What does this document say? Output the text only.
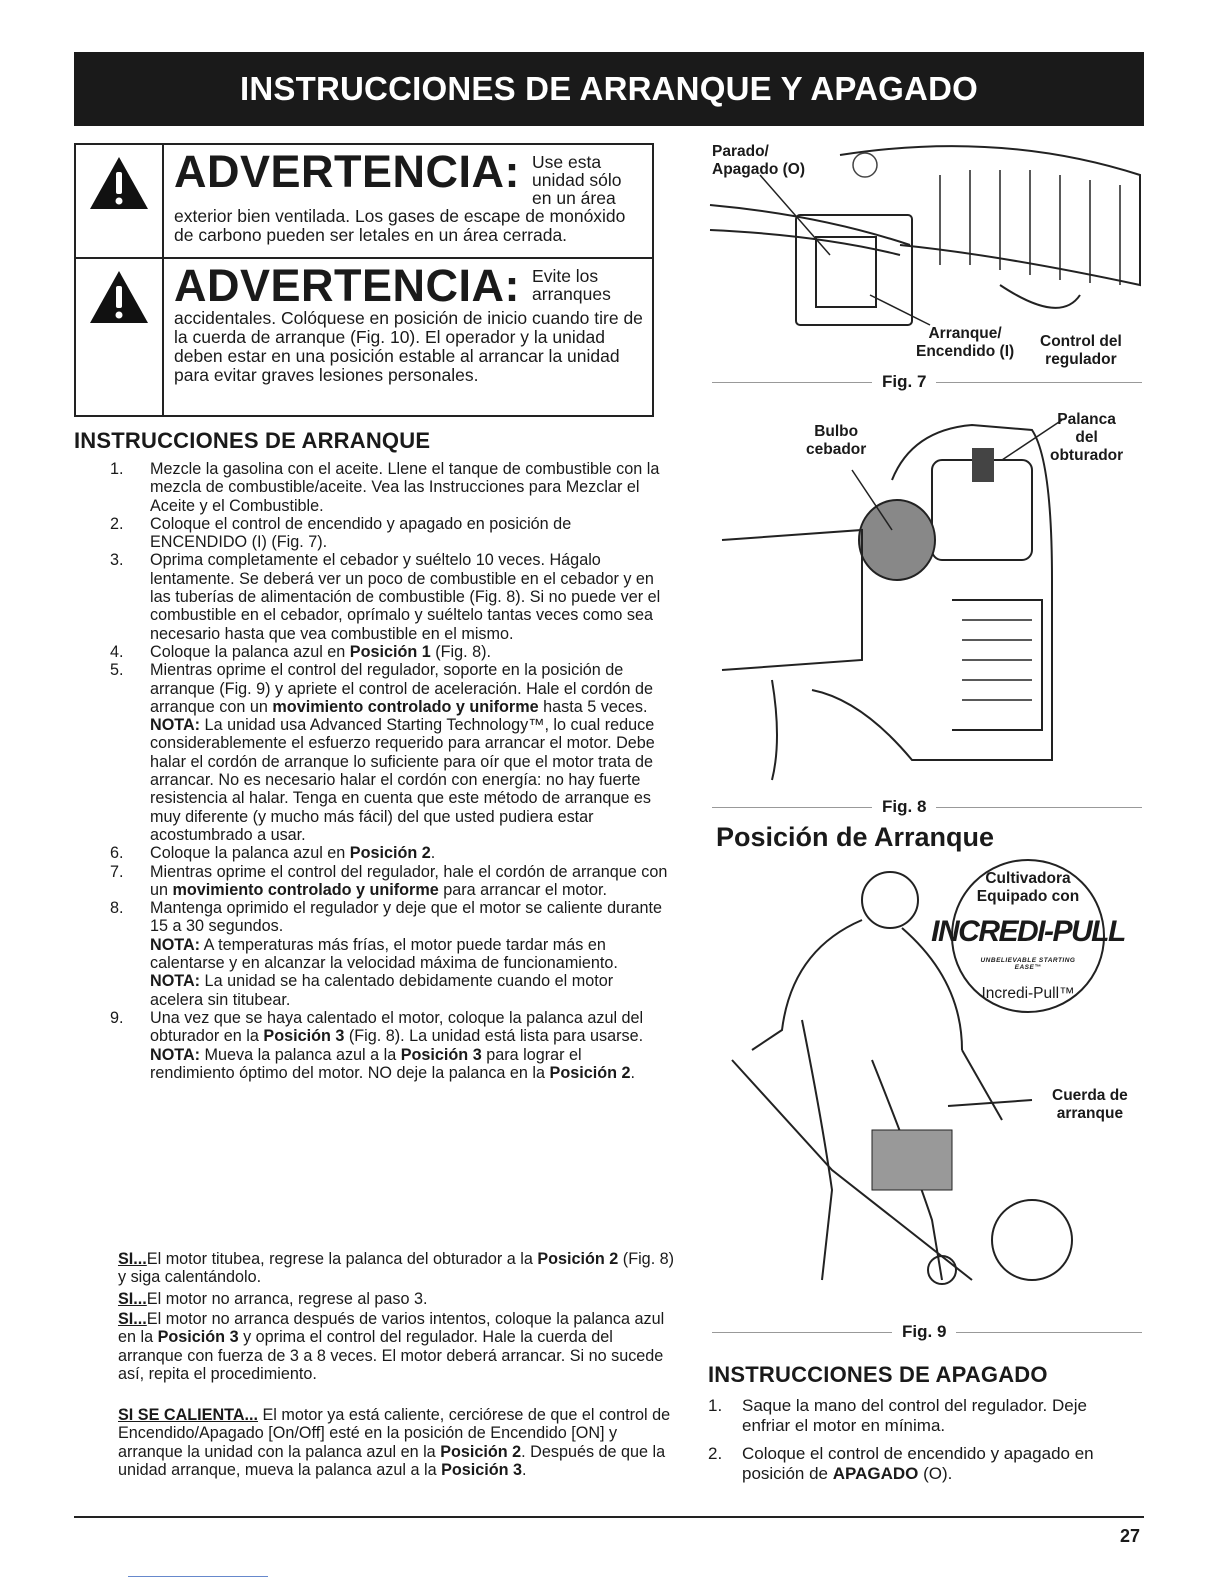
INSTRUCCIONES DE ARRANQUE Y APAGADO
ADVERTENCIA: Use esta unidad sólo en un área
exterior bien ventilada. Los gases de escape de monóxido de carbono pueden ser letales en un área cerrada.
ADVERTENCIA: Evite los arranques
accidentales. Colóquese en posición de inicio cuando tire de la cuerda de arranque (Fig. 10). El operador y la unidad deben estar en una posición estable al arrancar la unidad para evitar graves lesiones personales.
INSTRUCCIONES DE ARRANQUE
1.	Mezcle la gasolina con el aceite. Llene el tanque de combustible con la mezcla de combustible/aceite. Vea las Instrucciones para Mezclar el Aceite y el Combustible.
2.	Coloque el control de encendido y apagado en posición de ENCENDIDO (I) (Fig. 7).
3.	Oprima completamente el cebador y suéltelo 10 veces. Hágalo lentamente. Se deberá ver un poco de combustible en el cebador y en las tuberías de alimentación de combustible (Fig. 8). Si no puede ver el combustible en el cebador, oprímalo y suéltelo tantas veces como sea necesario hasta que vea combustible en el mismo.
4.	Coloque la palanca azul en Posición 1 (Fig. 8).
5.	Mientras oprime el control del regulador, soporte en la posición de arranque (Fig. 9) y apriete el control de aceleración. Hale el cordón de arranque con un movimiento controlado y uniforme hasta 5 veces.
NOTA: La unidad usa Advanced Starting Technology™, lo cual reduce considerablemente el esfuerzo requerido para arrancar el motor. Debe halar el cordón de arranque lo suficiente para oír que el motor trata de arrancar. No es necesario halar el cordón con energía: no hay fuerte resistencia al halar. Tenga en cuenta que este método de arranque es muy diferente (y mucho más fácil) del que usted pudiera estar acostumbrado a usar.
6.	Coloque la palanca azul en Posición 2.
7.	Mientras oprime el control del regulador, hale el cordón de arranque con un movimiento controlado y uniforme para arrancar el motor.
8.	Mantenga oprimido el regulador y deje que el motor se caliente durante 15 a 30 segundos.
NOTA: A temperaturas más frías, el motor puede tardar más en calentarse y en alcanzar la velocidad máxima de funcionamiento.
NOTA: La unidad se ha calentado debidamente cuando el motor acelera sin titubear.
9.	Una vez que se haya calentado el motor, coloque la palanca azul del obturador en la Posición 3 (Fig. 8). La unidad está lista para usarse.
NOTA: Mueva la palanca azul a la Posición 3 para lograr el rendimiento óptimo del motor. NO deje la palanca en la Posición 2.
SI...El motor titubea, regrese la palanca del obturador a la Posición 2 (Fig. 8) y siga calentándolo.
SI...El motor no arranca, regrese al paso 3.
SI...El motor no arranca después de varios intentos, coloque la palanca azul en la Posición 3 y oprima el control del regulador. Hale la cuerda del arranque con fuerza de 3 a 8 veces. El motor deberá arrancar. Si no sucede así, repita el procedimiento.
SI SE CALIENTA... El motor ya está caliente, cerciórese de que el control de Encendido/Apagado [On/Off] esté en la posición de Encendido [ON] y arranque la unidad con la palanca azul en la Posición 2. Después de que la unidad arranque, mueva la palanca azul a la Posición 3.
Parado/
Apagado (O)
Arranque/
Encendido (I)
Control del
regulador
Fig. 7
Bulbo
cebador
Palanca
del
obturador
Fig. 8
Posición de Arranque
Cultivadora
Equipado con
INCREDI-PULL
UNBELIEVABLE STARTING EASE™
Incredi-Pull™
Cuerda de
arranque
Fig. 9
INSTRUCCIONES DE APAGADO
1.	Saque la mano del control del regulador. Deje enfriar el motor en mínima.
2.	Coloque el control de encendido y apagado en posición de APAGADO (O).
27
